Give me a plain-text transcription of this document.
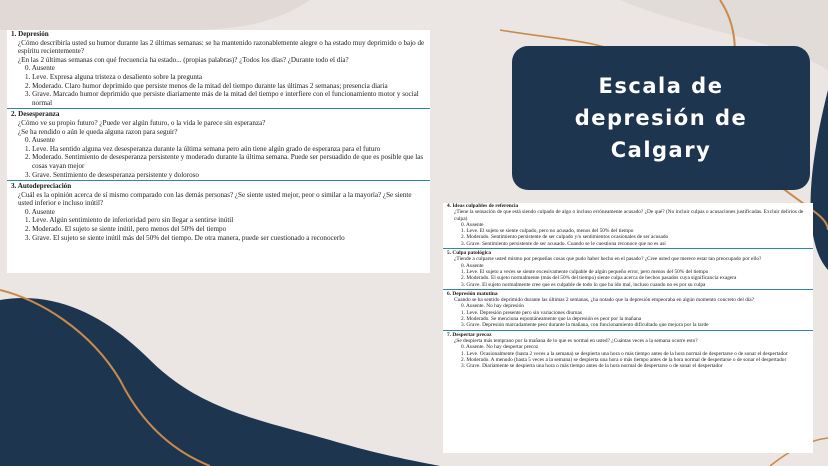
Escala de depresión de Calgary
1. Depresión
¿Cómo describiría usted su humor durante las 2 últimas semanas: se ha mantenido razonablemente alegre o ha estado muy deprimido o bajo de espíritu recientemente?
¿En las 2 últimas semanas con qué frecuencia ha estado... (propias palabras)? ¿Todos los días? ¿Durante todo el día?
0. Ausente
1. Leve. Expresa alguna tristeza o desaliento sobre la pregunta
2. Moderado. Claro humor deprimido que persiste menos de la mitad del tiempo durante las últimas 2 semanas; presencia diaria
3. Grave. Marcado humor deprimido que persiste diariamente más de la mitad del tiempo e interfiere con el funcionamiento motor y social normal
2. Desesperanza
¿Cómo ve su propio futuro? ¿Puede ver algún futuro, o la vida le parece sin esperanza?
¿Se ha rendido o aún le queda alguna razon para seguir?
0. Ausente
1. Leve. Ha sentido alguna vez desesperanza durante la última semana pero aún tiene algún grado de esperanza para el futuro
2. Moderado. Sentimiento de desesperanza persistente y moderado durante la última semana. Puede ser persuadido de que es posible que las cosas vayan mejor
3. Grave. Sentimiento de desesperanza persistente y doloroso
3. Autodepreciación
¿Cuál es la opinión acerca de sí mismo comparado con las demás personas? ¿Se siente usted mejor, peor o similar a la mayoría? ¿Se siente usted inferior e incluso inútil?
0. Ausente
1. Leve. Algún sentimiento de inferioridad pero sin llegar a sentirse inútil
2. Moderado. El sujeto se siente inútil, pero menos del 50% del tiempo
3. Grave. El sujeto se siente inútil más del 50% del tiempo. De otra manera, puede ser cuestionado a reconocerlo
4. Ideas culpables de referencia
¿Tiene la sensación de que está siendo culpado de algo o incluso erróneamente acusado? ¿De qué? (No incluir culpas o acusaciones justificadas. Excluir delirios de culpa)
0. Ausente
1. Leve. El sujeto se siente culpado, pero no acusado, menos del 50% del tiempo
2. Moderado. Sentimiento persistente de ser culpado y/o sentimientos ocasionales de ser acusado
3. Grave. Sentimiento persistente de ser acusado. Cuando se le cuestiona reconoce que no es así
5. Culpa patológica
¿Tiende a culparse usted mismo por pequeñas cosas que pudo haber hecho en el pasado? ¿Cree usted que merece estar tan preocupado por ello?
0. Ausente
1. Leve. El sujeto a veces se siente excesivamente culpable de algún pequeño error, pero menos del 50% del tiempo
2. Moderado. El sujeto normalmente (más del 50% del tiempo) siente culpa acerca de hechos pasados cuya significancia exagera
3. Grave. El sujeto normalmente cree que es culpable de todo lo que ha ido mal, incluso cuando no es por su culpa
6. Depresión matutina
Cuando se ha sentido deprimido durante las últimas 2 semanas, ¿ha notado que la depresión empeoraba en algún momento concreto del día?
0. Ausente. No hay depresión
1. Leve. Depresión presente pero sin variaciones diurnas
2. Moderado. Se menciona espontáneamente que la depresión es peor por la mañana
3. Grave. Depresión marcadamente peor durante la mañana, con funcionamiento dificultado que mejora por la tarde
7. Despertar precoz
¿Se despierta más temprano por la mañana de lo que es normal en usted? ¿Cuántas veces a la semana ocurre esto?
0. Ausente. No hay despertar precoz
1. Leve. Ocasionalmente (hasta 2 veces a la semana) se despierta una hora o más tiempo antes de la hora normal de despertarse o de sonar el despertador
2. Moderado. A menudo (hasta 5 veces a la semana) se despierta una hora o más tiempo antes de la hora normal de despertarse o de sonar el despertador
3. Grave. Diariamente se despierta una hora o más tiempo antes de la hora normal de despertarse o de sonar el despertador
